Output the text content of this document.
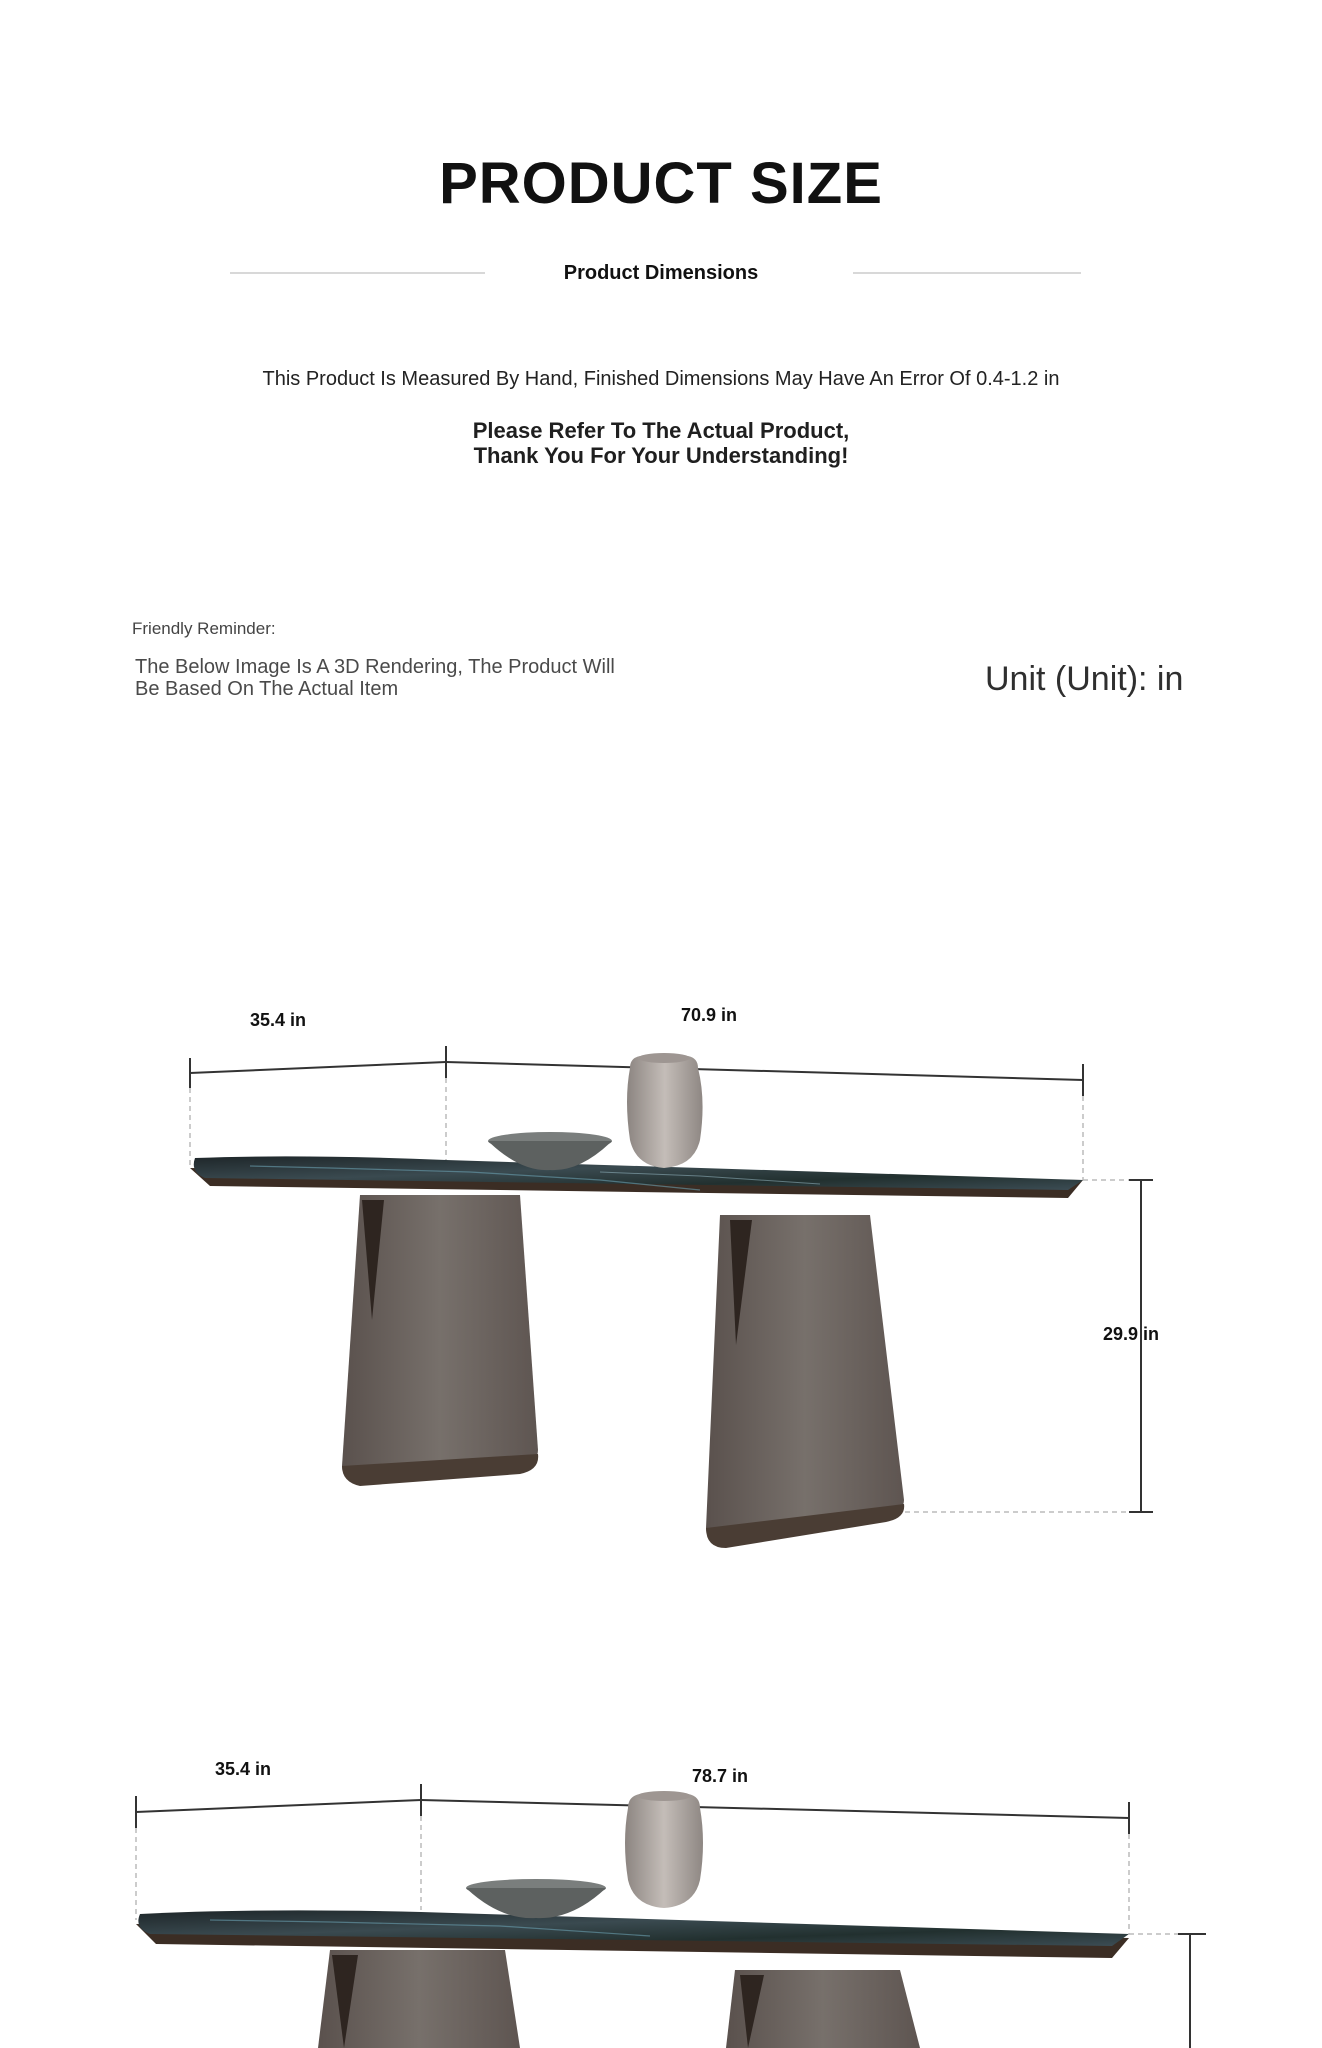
PRODUCT SIZE
Product Dimensions
This Product Is Measured By Hand, Finished Dimensions May Have An Error Of 0.4-1.2 in
Please Refer To The Actual Product,
Thank You For Your Understanding!
Friendly Reminder:
The Below Image Is A 3D Rendering, The Product Will
Be Based On The Actual Item	Unit (Unit): in
35.4 in	70.9 in
29.9 in
35.4 in	78.7 in
